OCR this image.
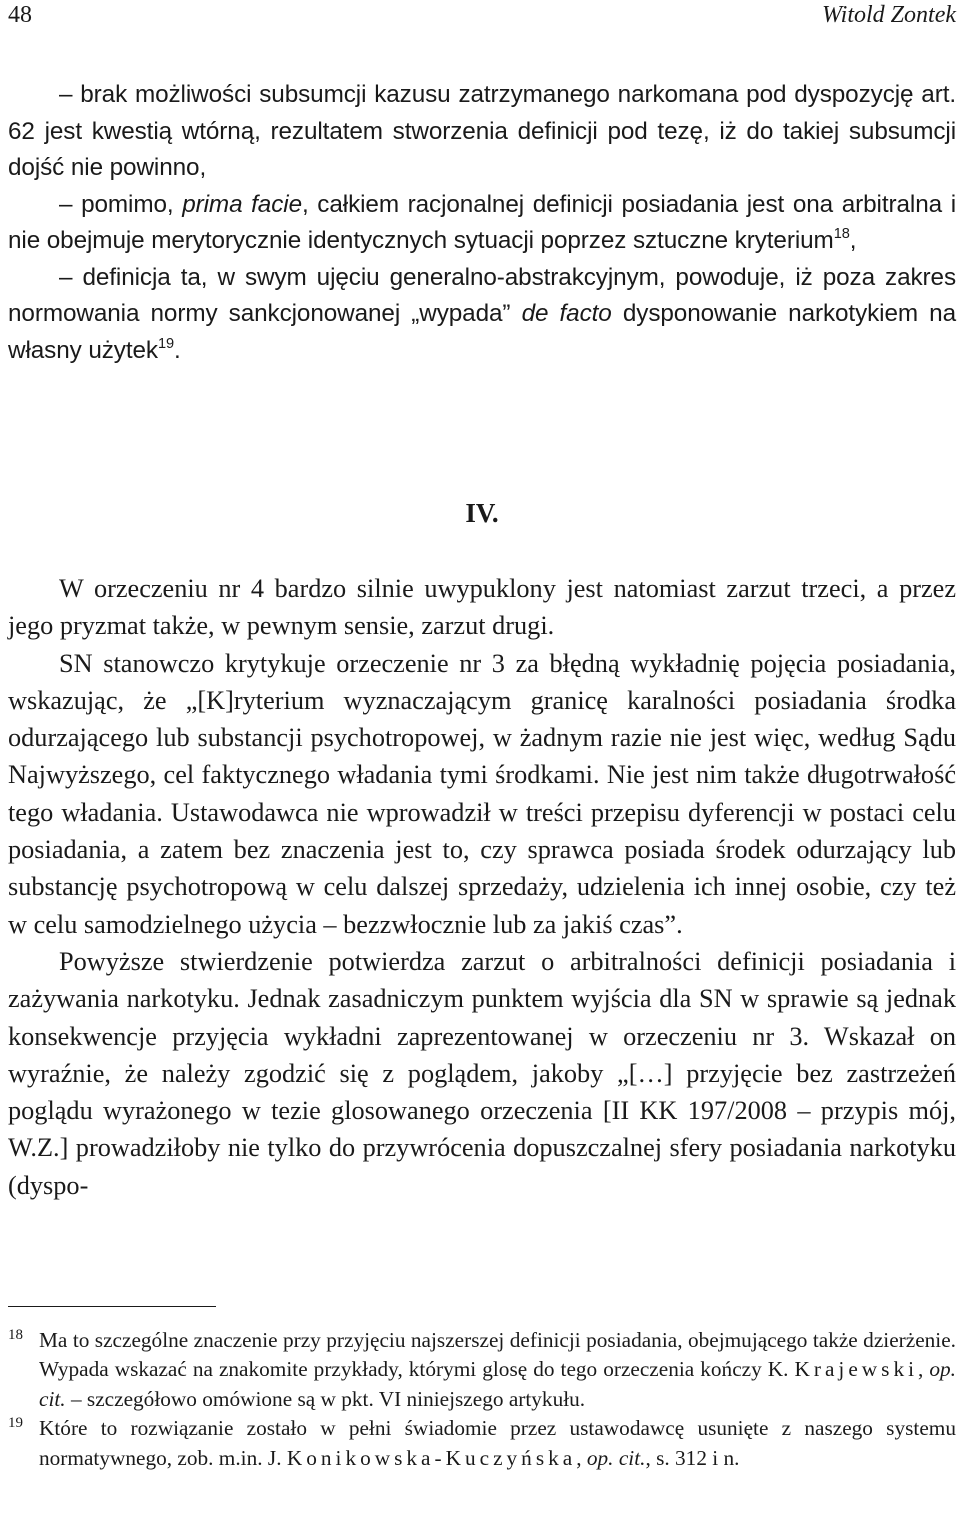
48	Witold Zontek

– brak możliwości subsumcji kazusu zatrzymanego narkomana pod dyspozycję art. 62 jest kwestią wtórną, rezultatem stworzenia definicji pod tezę, iż do takiej subsumcji dojść nie powinno,

– pomimo, prima facie, całkiem racjonalnej definicji posiadania jest ona arbitralna i nie obejmuje merytorycznie identycznych sytuacji poprzez sztuczne kryterium$^{18}$,

– definicja ta, w swym ujęciu generalno-abstrakcyjnym, powoduje, iż poza zakres normowania normy sankcjonowanej „wypada” de facto dysponowanie narkotykiem na własny użytek$^{19}$.

IV.

W orzeczeniu nr 4 bardzo silnie uwypuklony jest natomiast zarzut trzeci, a przez jego pryzmat także, w pewnym sensie, zarzut drugi.

SN stanowczo krytykuje orzeczenie nr 3 za błędną wykładnię pojęcia posiadania, wskazując, że „[K]ryterium wyznaczającym granicę karalności posiadania środka odurzającego lub substancji psychotropowej, w żadnym razie nie jest więc, według Sądu Najwyższego, cel faktycznego władania tymi środkami. Nie jest nim także długotrwałość tego władania. Ustawodawca nie wprowadził w treści przepisu dyferencji w postaci celu posiadania, a zatem bez znaczenia jest to, czy sprawca posiada środek odurzający lub substancję psychotropową w celu dalszej sprzedaży, udzielenia ich innej osobie, czy też w celu samodzielnego użycia – bezzwłocznie lub za jakiś czas”.

Powyższe stwierdzenie potwierdza zarzut o arbitralności definicji posiadania i zażywania narkotyku. Jednak zasadniczym punktem wyjścia dla SN w sprawie są jednak konsekwencje przyjęcia wykładni zaprezentowanej w orzeczeniu nr 3. Wskazał on wyraźnie, że należy zgodzić się z poglądem, jakoby „[…] przyjęcie bez zastrzeżeń poglądu wyrażonego w tezie glosowanego orzeczenia [II KK 197/2008 – przypis mój, W.Z.] prowadziłoby nie tylko do przywrócenia dopuszczalnej sfery posiadania narkotyku (dyspo-

18 Ma to szczególne znaczenie przy przyjęciu najszerszej definicji posiadania, obejmującego także dzierżenie. Wypada wskazać na znakomite przykłady, którymi glosę do tego orzeczenia kończy K. Krajewski, op. cit. – szczegółowo omówione są w pkt. VI niniejszego artykułu.
19 Które to rozwiązanie zostało w pełni świadomie przez ustawodawcę usunięte z naszego systemu normatywnego, zob. m.in. J. Konikowska-Kuczyńska, op. cit., s. 312 i n.
